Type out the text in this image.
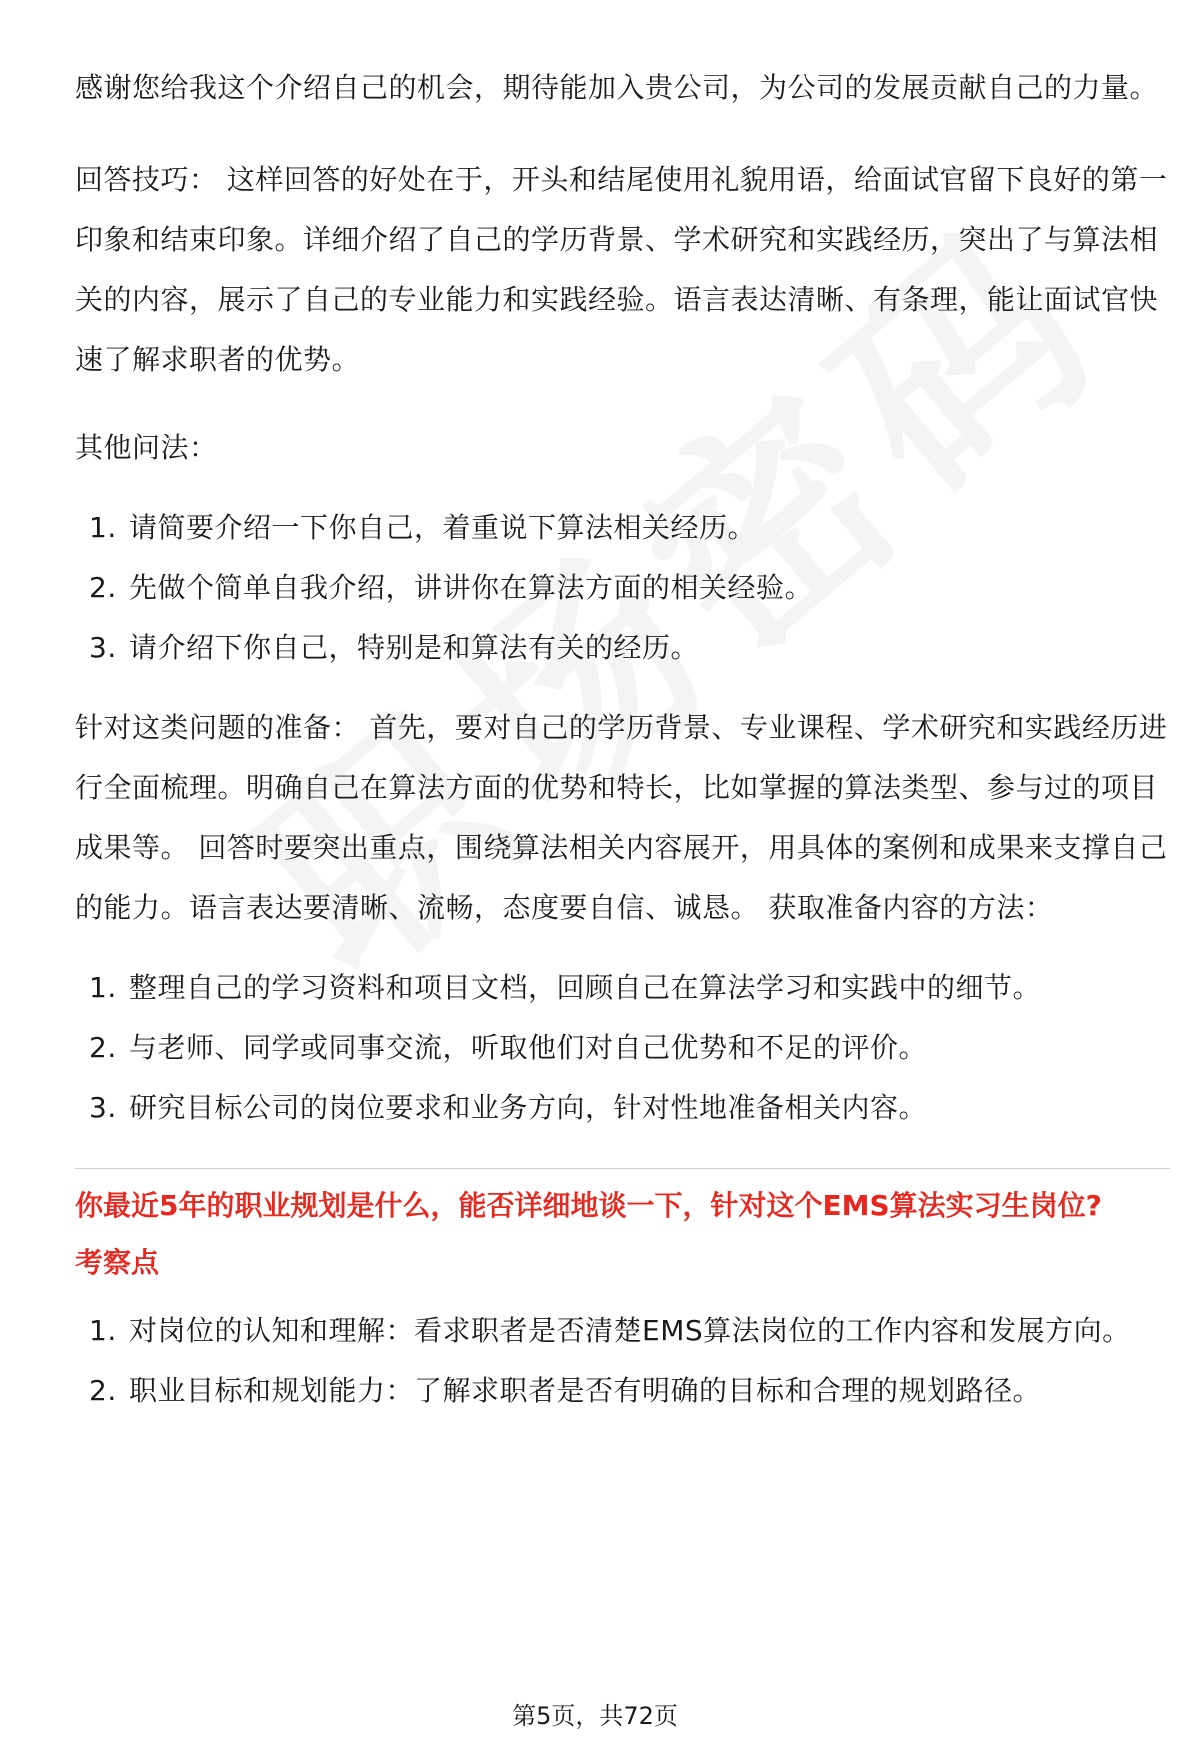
感谢您给我这个介绍自己的机会，期待能加入贵公司，为公司的发展贡献自己的力量。

回答技巧： 这样回答的好处在于，开头和结尾使用礼貌用语，给面试官留下良好的第一印象和结束印象。详细介绍了自己的学历背景、学术研究和实践经历，突出了与算法相关的内容，展示了自己的专业能力和实践经验。语言表达清晰、有条理，能让面试官快速了解求职者的优势。

其他问法：

1. 请简要介绍一下你自己，着重说下算法相关经历。
2. 先做个简单自我介绍，讲讲你在算法方面的相关经验。
3. 请介绍下你自己，特别是和算法有关的经历。

针对这类问题的准备： 首先，要对自己的学历背景、专业课程、学术研究和实践经历进行全面梳理。明确自己在算法方面的优势和特长，比如掌握的算法类型、参与过的项目成果等。 回答时要突出重点，围绕算法相关内容展开，用具体的案例和成果来支撑自己的能力。语言表达要清晰、流畅，态度要自信、诚恳。 获取准备内容的方法：

1. 整理自己的学习资料和项目文档，回顾自己在算法学习和实践中的细节。
2. 与老师、同学或同事交流，听取他们对自己优势和不足的评价。
3. 研究目标公司的岗位要求和业务方向，针对性地准备相关内容。

你最近5年的职业规划是什么，能否详细地谈一下，针对这个EMS算法实习生岗位?

考察点

1. 对岗位的认知和理解：看求职者是否清楚EMS算法岗位的工作内容和发展方向。
2. 职业目标和规划能力：了解求职者是否有明确的目标和合理的规划路径。
第5页，共72页
